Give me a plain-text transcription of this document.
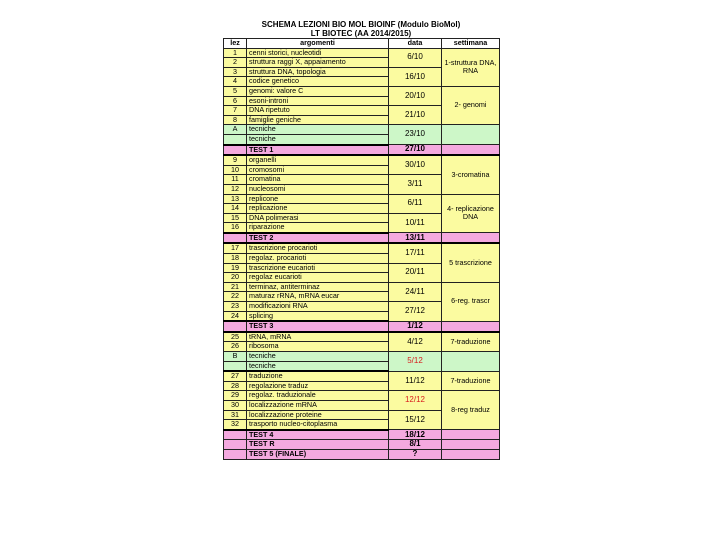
SCHEMA LEZIONI BIO MOL BIOINF (Modulo BioMol)
LT BIOTEC (AA 2014/2015)
lez	argomenti	data	settimana
1	cenni storici, nucleotidi	6/10	1-struttura DNA, RNA
2	struttura raggi X, appaiamento		
3	struttura DNA, topologia	16/10	
4	codice genetico		
5	genomi: valore C	20/10	2- genomi
6	esoni-introni		
7	DNA ripetuto	21/10	
8	famiglie geniche		
A	tecniche	23/10	
	tecniche		
	TEST 1	27/10	
9	organelli	30/10	3-cromatina
10	cromosomi		
11	cromatina	3/11	
12	nucleosomi		
13	replicone	6/11	4- replicazione DNA
14	replicazione		
15	DNA polimerasi	10/11	
16	riparazione		
	TEST 2	13/11	
17	trascrizione procarioti	17/11	5 trascrizione
18	regolaz. procarioti		
19	trascrizione eucarioti	20/11	
20	regolaz eucarioti		
21	terminaz, antiterminaz	24/11	6-reg. trascr
22	maturaz rRNA, mRNA eucar		
23	modificazioni RNA	27/12	
24	splicing		
	TEST 3	1/12	
25	tRNA, mRNA	4/12	7-traduzione
26	ribosoma		
B	tecniche	5/12	
	tecniche		
27	traduzione	11/12	7-traduzione
28	regolazione traduz		
29	regolaz. traduzionale	12/12	8-reg traduz
30	localizzazione mRNA		
31	localizzazione proteine	15/12	
32	trasporto nucleo-citoplasma		
	TEST 4	18/12	
	TEST R	8/1	
	TEST 5 (FINALE)	?	
